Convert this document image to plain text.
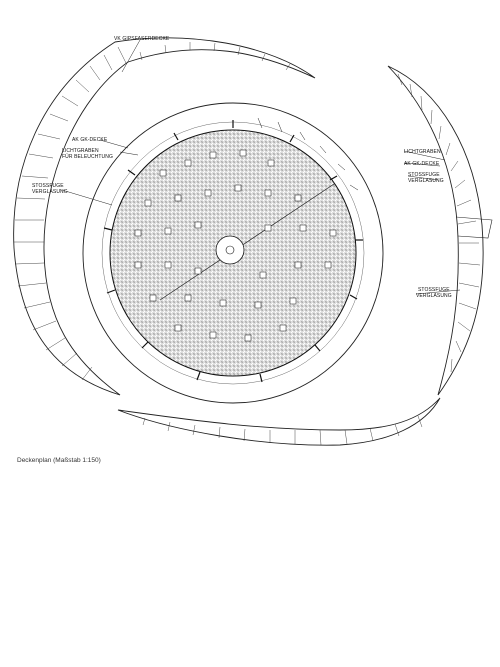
VK GIPSFASERDECKE
AK GK-DECKE
LICHTGRABEN
FÜR BELEUCHTUNG
STOSSFUGE
VERGLASUNG
LICHTGRABEN
AK GK-DECKE
STOSSFUGE
VERGLASUNG
STOSSFUGE
VERGLASUNG
Deckenplan (Maßstab 1:150)
